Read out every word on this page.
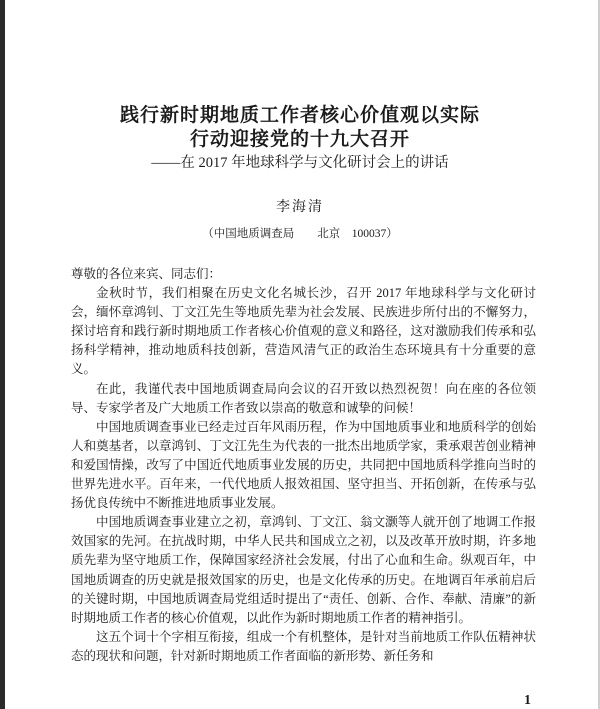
践行新时期地质工作者核心价值观以实际
行动迎接党的十九大召开
——在 2017 年地球科学与文化研讨会上的讲话
李海清
（中国地质调查局　　北京　100037）

尊敬的各位来宾、同志们：

金秋时节，我们相聚在历史文化名城长沙，召开 2017 年地球科学与文化研讨会，缅怀章鸿钊、丁文江先生等地质先辈为社会发展、民族进步所付出的不懈努力，探讨培育和践行新时期地质工作者核心价值观的意义和路径，这对激励我们传承和弘扬科学精神，推动地质科技创新，营造风清气正的政治生态环境具有十分重要的意义。

在此，我谨代表中国地质调查局向会议的召开致以热烈祝贺！向在座的各位领导、专家学者及广大地质工作者致以崇高的敬意和诚挚的问候！

中国地质调查事业已经走过百年风雨历程，作为中国地质事业和地质科学的创始人和奠基者，以章鸿钊、丁文江先生为代表的一批杰出地质学家，秉承艰苦创业精神和爱国情操，改写了中国近代地质事业发展的历史，共同把中国地质科学推向当时的世界先进水平。百年来，一代代地质人报效祖国、坚守担当、开拓创新，在传承与弘扬优良传统中不断推进地质事业发展。

中国地质调查事业建立之初，章鸿钊、丁文江、翁文灏等人就开创了地调工作报效国家的先河。在抗战时期，中华人民共和国成立之初，以及改革开放时期，许多地质先辈为坚守地质工作，保障国家经济社会发展，付出了心血和生命。纵观百年，中国地质调查的历史就是报效国家的历史，也是文化传承的历史。在地调百年承前启后的关键时期，中国地质调查局党组适时提出了“责任、创新、合作、奉献、清廉”的新时期地质工作者的核心价值观，以此作为新时期地质工作者的精神指引。

这五个词十个字相互衔接，组成一个有机整体，是针对当前地质工作队伍精神状态的现状和问题，针对新时期地质工作者面临的新形势、新任务和

1
